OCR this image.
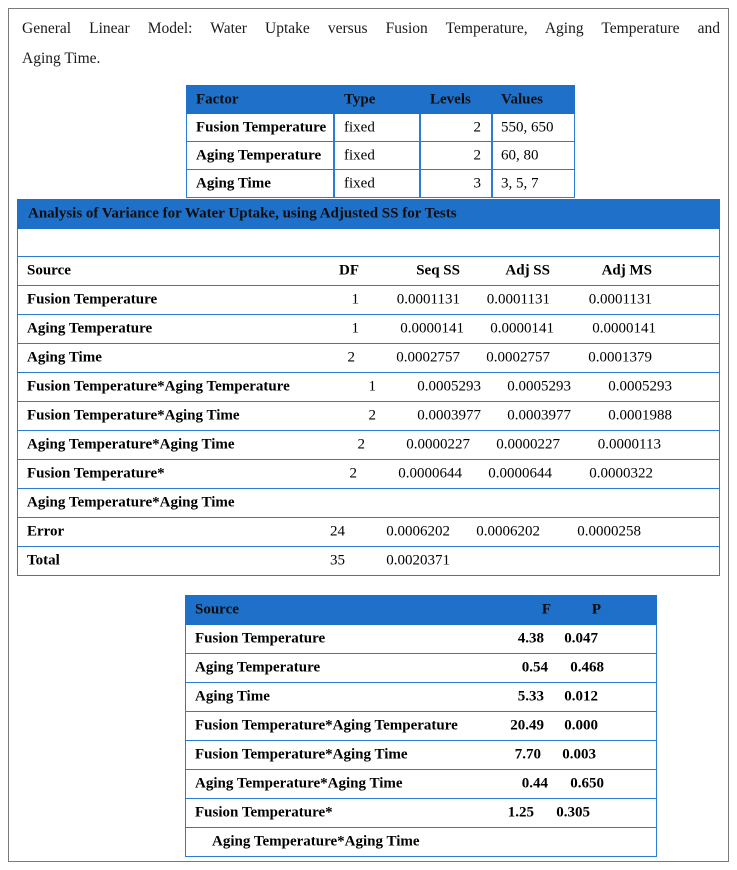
General Linear Model: Water Uptake versus Fusion Temperature, Aging Temperature and
Aging Time.
Factor	Type	Levels	Values

Fusion Temperature	fixed	2	550, 650

Aging Temperature	fixed	2	60, 80

Aging Time	fixed	3	3, 5, 7
Analysis of Variance for Water Uptake, using Adjusted SS for Tests

Source	DF	Seq SS	Adj SS	Adj MS

Fusion Temperature	1	0.0001131 0.0001131	0.0001131

Aging Temperature	1	0.0000141 0.0000141	0.0000141

Aging Time	2	0.0002757 0.0002757	0.0001379

Fusion Temperature*Aging Temperature	1	0.0005293 0.0005293 0.0005293

Fusion Temperature*Aging Time	2	0.0003977 0.0003977 0.0001988

Aging Temperature*Aging Time	2	0.0000227 0.0000227	0.0000113

Fusion Temperature*	2	0.0000644 0.0000644 0.0000322

Aging Temperature*Aging Time

Error	24	0.0006202 0.0006202 0.0000258

Total	35	0.0020371
Source	F	P

Fusion Temperature	4.38 0.047

Aging Temperature	0.54 0.468

Aging Time	5.33 0.012

Fusion Temperature*Aging Temperature	20.49 0.000

Fusion Temperature*Aging Time	7.70 0.003

Aging Temperature*Aging Time	0.44 0.650

Fusion Temperature*	1.25 0.305

Aging Temperature*Aging Time
